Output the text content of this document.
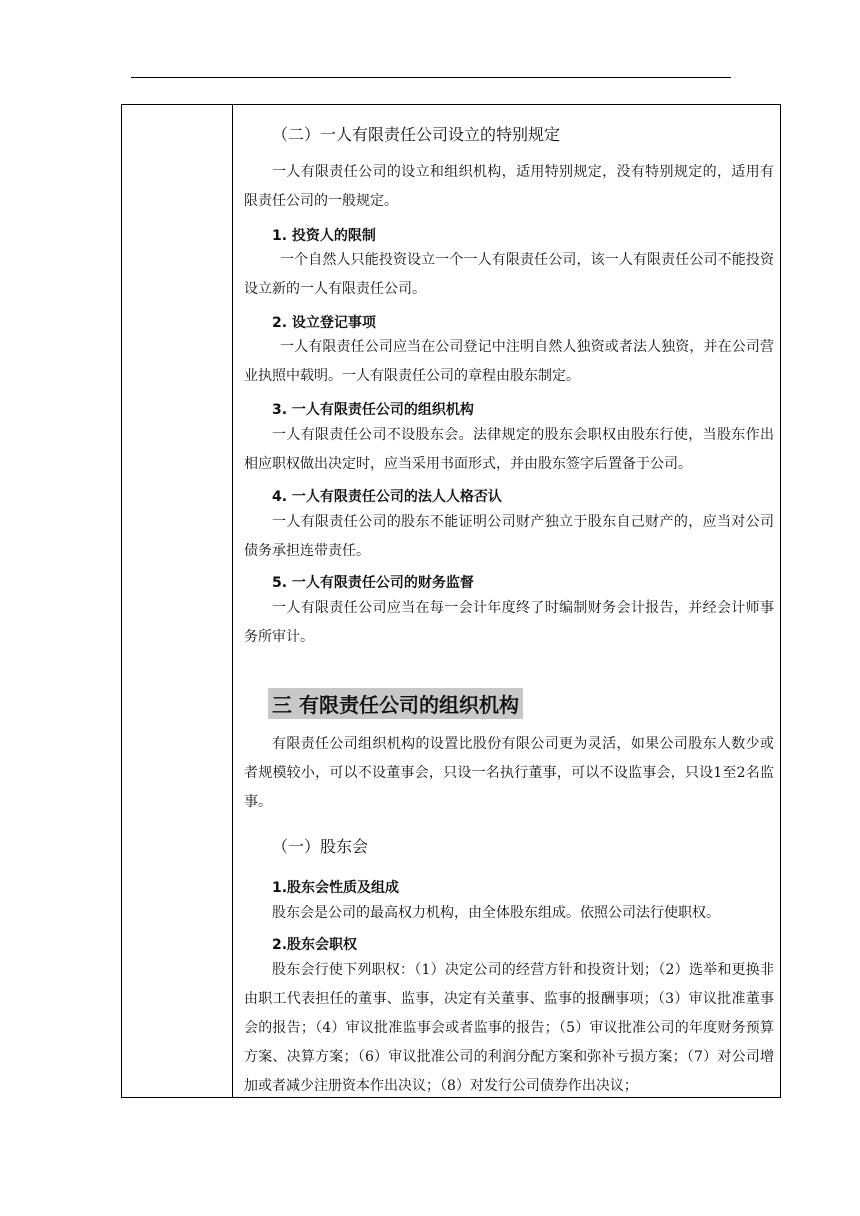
（二）一人有限责任公司设立的特别规定

一人有限责任公司的设立和组织机构，适用特别规定，没有特别规定的，适用有限责任公司的一般规定。

1. 投资人的限制

一个自然人只能投资设立一个一人有限责任公司，该一人有限责任公司不能投资设立新的一人有限责任公司。

2. 设立登记事项

一人有限责任公司应当在公司登记中注明自然人独资或者法人独资，并在公司营业执照中载明。一人有限责任公司的章程由股东制定。

3. 一人有限责任公司的组织机构

一人有限责任公司不设股东会。法律规定的股东会职权由股东行使，当股东作出相应职权做出决定时，应当采用书面形式，并由股东签字后置备于公司。

4. 一人有限责任公司的法人人格否认

一人有限责任公司的股东不能证明公司财产独立于股东自己财产的，应当对公司债务承担连带责任。

5. 一人有限责任公司的财务监督

一人有限责任公司应当在每一会计年度终了时编制财务会计报告，并经会计师事务所审计。

三 有限责任公司的组织机构

有限责任公司组织机构的设置比股份有限公司更为灵活，如果公司股东人数少或者规模较小，可以不设董事会，只设一名执行董事，可以不设监事会，只设1至2名监事。

（一）股东会
1.股东会性质及组成

股东会是公司的最高权力机构，由全体股东组成。依照公司法行使职权。

2.股东会职权

股东会行使下列职权：（1）决定公司的经营方针和投资计划；（2）选举和更换非由职工代表担任的董事、监事，决定有关董事、监事的报酬事项；（3）审议批准董事会的报告；（4）审议批准监事会或者监事的报告；（5）审议批准公司的年度财务预算方案、决算方案；（6）审议批准公司的利润分配方案和弥补亏损方案；（7）对公司增加或者减少注册资本作出决议；（8）对发行公司债券作出决议；
